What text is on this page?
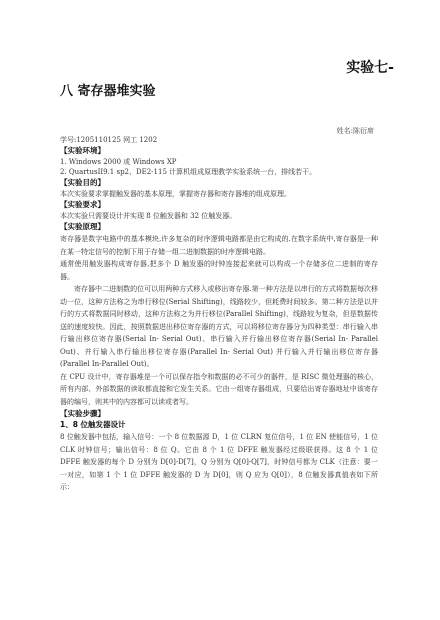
​
实验七-
八 寄存器堆实验
姓名:陈衍席

学号:1205110125 网工 1202

【实验环境】

1. Windows 2000 或 Windows XP

2. QuartusII9.1 sp2、DE2-115 计算机组成原理教学实验系统一台，排线若干。

【实验目的】

本次实验要求掌握触发器的基本原理，掌握寄存器和寄存器堆的组成原理。

【实验要求】

本次实验只需要设计并实现 8 位触发器和 32 位触发器。

【实验原理】

寄存器是数字电路中的基本模块,许多复杂的时序逻辑电路都是由它构成的.在数字系统中,寄存器是一种在某一特定信号的控制下用于存储一组二进制数据的时序逻辑电路。

通常使用触发器构成寄存器,把多个 D 触发器的时钟连接起来就可以构成一个存储多位二进制的寄存器。

寄存器中二进制数的位可以用两种方式移入或移出寄存器.第一种方法是以串行的方式将数据每次移动一位，这种方法称之为串行移位(Serial Shifting)，线路较少，但耗费时间较多。第二种方法是以并行的方式将数据同时移动，这种方法称之为并行移位(Parallel Shifting)，线路较为复杂，但是数据传送的速度较快。因此，按照数据进出移位寄存器的方式，可以将移位寄存器分为四种类型：串行输入串行输出移位寄存器(Serial In- Serial Out)、串行输入并行输出移位寄存器(Serial In- Parallel Out)、并行输入串行输出移位寄存器(Parallel In- Serial Out) 并行输入并行输出移位寄存器(Parallel In-Parallel Out)。

在 CPU 设计中，寄存器堆是一个可以保存指令和数据的必不可少的器件，是 RISC 微处理器的核心，所有内部、外部数据的读取都直接和它发生关系。它由一组寄存器组成，只要给出寄存器地址中该寄存器的编号，则其中的内容都可以读或者写。

【实验步骤】
1、8 位触发器设计

8 位触发器中包括，输入信号：一个 8 位数据源 D，1 位 CLRN 复位信号，1 位 EN 使能信号，1 位 CLK 时钟信号；输出信号：8 位 Q。它由 8 个 1 位 DFFE 触发器经过级联获得。这 8 个 1 位 DFFE 触发器的每个 D 分别为 D[0]-D[7]，Q 分别为 Q[0]-Q[7]，时钟信号都为 CLK（注意：要一一对应，如第 1 个 1 位 DFFE 触发器的 D 为 D[0]，则 Q 应为 Q[0]），8 位触发器真值表如下所示：
